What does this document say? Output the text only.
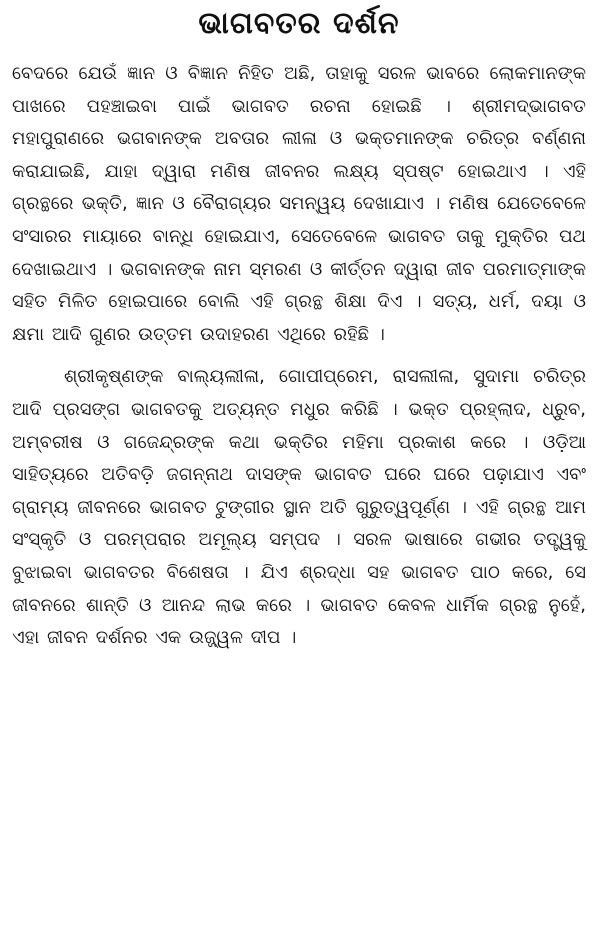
ଭାଗବତର ଦର୍ଶନ

ବେଦରେ ଯେଉଁ ଜ୍ଞାନ ଓ ବିଜ୍ଞାନ ନିହିତ ଅଛି, ତାହାକୁ ସରଳ ଭାବରେ ଲୋକମାନଙ୍କ ପାଖରେ ପହଞ୍ଚାଇବା ପାଇଁ ଭାଗବତ ରଚନା ହୋଇଛି । ଶ୍ରୀମଦ୍ଭାଗବତ ମହାପୁରାଣରେ ଭଗବାନଙ୍କ ଅବତାର ଲୀଳା ଓ ଭକ୍ତମାନଙ୍କ ଚରିତ୍ର ବର୍ଣ୍ଣନା କରାଯାଇଛି, ଯାହା ଦ୍ୱାରା ମଣିଷ ଜୀବନର ଲକ୍ଷ୍ୟ ସ୍ପଷ୍ଟ ହୋଇଥାଏ । ଏହି ଗ୍ରନ୍ଥରେ ଭକ୍ତି, ଜ୍ଞାନ ଓ ବୈରାଗ୍ୟର ସମନ୍ୱୟ ଦେଖାଯାଏ । ମଣିଷ ଯେତେବେଳେ ସଂସାରର ମାୟାରେ ବାନ୍ଧି ହୋଇଯାଏ, ସେତେବେଳେ ଭାଗବତ ତାକୁ ମୁକ୍ତିର ପଥ ଦେଖାଇଥାଏ । ଭଗବାନଙ୍କ ନାମ ସ୍ମରଣ ଓ କୀର୍ତ୍ତନ ଦ୍ୱାରା ଜୀବ ପରମାତ୍ମାଙ୍କ ସହିତ ମିଳିତ ହୋଇପାରେ ବୋଲି ଏହି ଗ୍ରନ୍ଥ ଶିକ୍ଷା ଦିଏ । ସତ୍ୟ, ଧର୍ମ, ଦୟା ଓ କ୍ଷମା ଆଦି ଗୁଣର ଉତ୍ତମ ଉଦାହରଣ ଏଥିରେ ରହିଛି ।

ଶ୍ରୀକୃଷ୍ଣଙ୍କ ବାଲ୍ୟଲୀଳା, ଗୋପୀପ୍ରେମ, ରାସଲୀଳା, ସୁଦାମା ଚରିତ୍ର ଆଦି ପ୍ରସଙ୍ଗ ଭାଗବତକୁ ଅତ୍ୟନ୍ତ ମଧୁର କରିଛି । ଭକ୍ତ ପ୍ରହ୍ଲାଦ, ଧ୍ରୁବ, ଅମ୍ବରୀଷ ଓ ଗଜେନ୍ଦ୍ରଙ୍କ କଥା ଭକ୍ତିର ମହିମା ପ୍ରକାଶ କରେ । ଓଡ଼ିଆ ସାହିତ୍ୟରେ ଅତିବଡ଼ି ଜଗନ୍ନାଥ ଦାସଙ୍କ ଭାଗବତ ଘରେ ଘରେ ପଢ଼ାଯାଏ ଏବଂ ଗ୍ରାମ୍ୟ ଜୀବନରେ ଭାଗବତ ଟୁଙ୍ଗୀର ସ୍ଥାନ ଅତି ଗୁରୁତ୍ୱପୂର୍ଣ୍ଣ । ଏହି ଗ୍ରନ୍ଥ ଆମ ସଂସ୍କୃତି ଓ ପରମ୍ପରାର ଅମୂଲ୍ୟ ସମ୍ପଦ । ସରଳ ଭାଷାରେ ଗଭୀର ତତ୍ତ୍ୱକୁ ବୁଝାଇବା ଭାଗବତର ବିଶେଷତା । ଯିଏ ଶ୍ରଦ୍ଧା ସହ ଭାଗବତ ପାଠ କରେ, ସେ ଜୀବନରେ ଶାନ୍ତି ଓ ଆନନ୍ଦ ଲାଭ କରେ । ଭାଗବତ କେବଳ ଧାର୍ମିକ ଗ୍ରନ୍ଥ ନୁହେଁ, ଏହା ଜୀବନ ଦର୍ଶନର ଏକ ଉଜ୍ଜ୍ୱଳ ଦୀପ ।
